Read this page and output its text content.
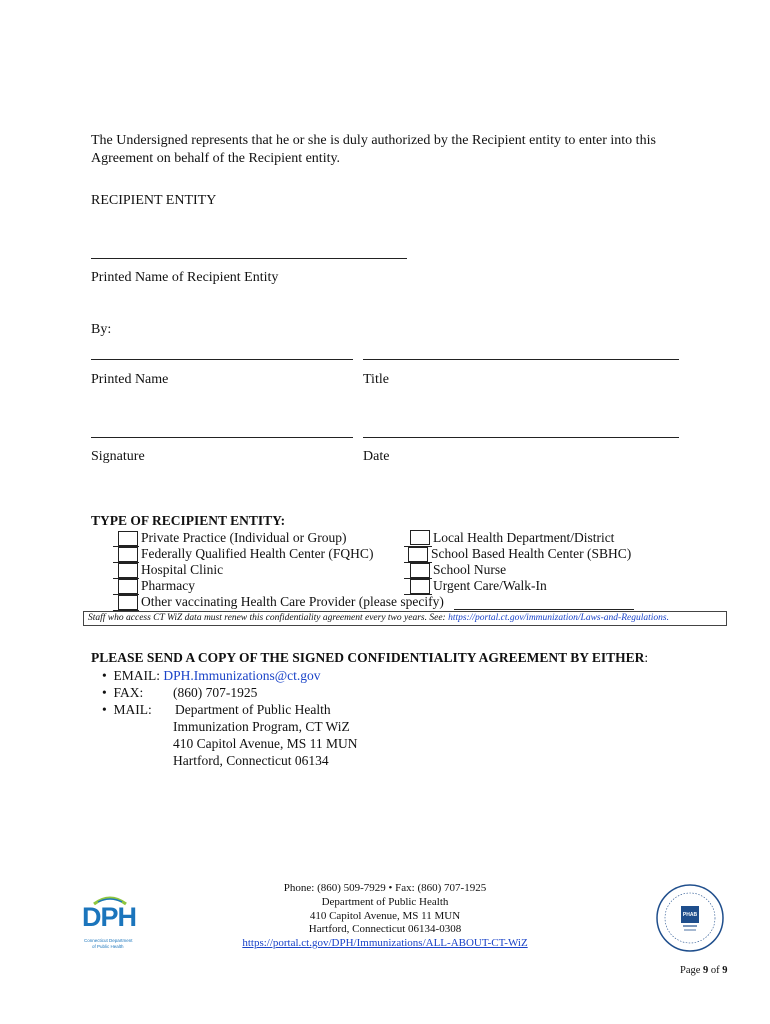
The Undersigned represents that he or she is duly authorized by the Recipient entity to enter into this
Agreement on behalf of the Recipient entity.
RECIPIENT ENTITY
Printed Name of Recipient Entity
By:
Printed Name	Title
Signature	Date
TYPE OF RECIPIENT ENTITY:
Private Practice (Individual or Group)
Federally Qualified Health Center (FQHC)
Hospital Clinic
Pharmacy
Other vaccinating Health Care Provider (please specify)
Local Health Department/District
School Based Health Center (SBHC)
School Nurse
Urgent Care/Walk-In
Staff who access CT WiZ data must renew this confidentiality agreement every two years. See: https://portal.ct.gov/immunization/Laws-and-Regulations.
PLEASE SEND A COPY OF THE SIGNED CONFIDENTIALITY AGREEMENT BY EITHER:
•  EMAIL: DPH.Immunizations@ct.gov
•  FAX: (860) 707-1925
•  MAIL: Department of Public Health
Immunization Program, CT WiZ
410 Capitol Avenue, MS 11 MUN
Hartford, Connecticut 06134
DPH
Connecticut Department
of Public Health
Phone: (860) 509-7929 • Fax: (860) 707-1925
Department of Public Health
410 Capitol Avenue, MS 11 MUN
Hartford, Connecticut 06134-0308
https://portal.ct.gov/DPH/Immunizations/ALL-ABOUT-CT-WiZ
PHAB
Page 9 of 9
